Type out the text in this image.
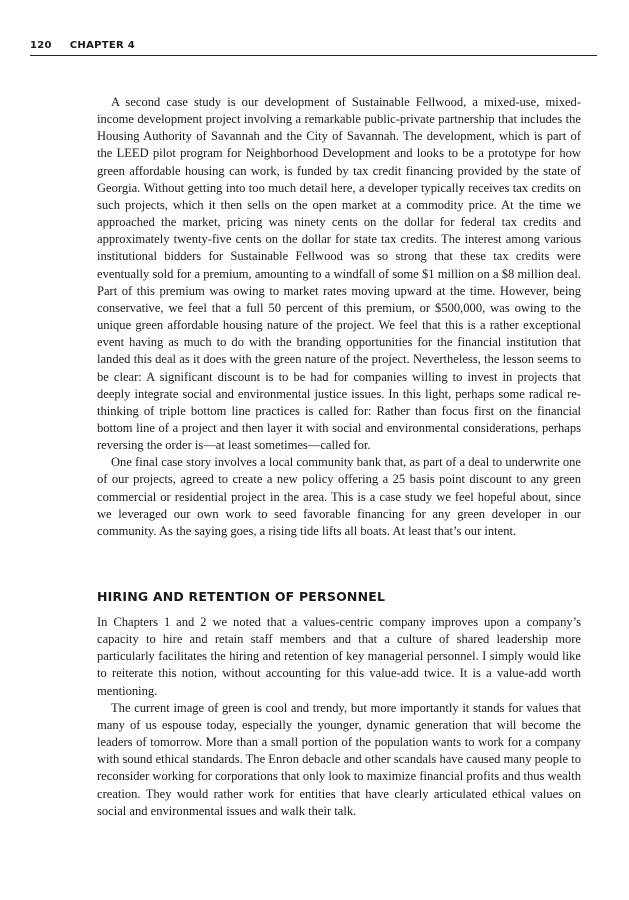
120 CHAPTER 4

A second case study is our development of Sustainable Fellwood, a mixed-use, mixed-income development project involving a remarkable public-private partnership that includes the Housing Authority of Savannah and the City of Savannah. The development, which is part of the LEED pilot program for Neighborhood Development and looks to be a prototype for how green affordable housing can work, is funded by tax credit financing provided by the state of Georgia. Without getting into too much detail here, a developer typically receives tax credits on such projects, which it then sells on the open market at a commodity price. At the time we approached the market, pricing was ninety cents on the dollar for federal tax credits and approximately twenty-five cents on the dollar for state tax credits. The interest among various institutional bidders for Sustainable Fellwood was so strong that these tax credits were eventually sold for a premium, amounting to a windfall of some $1 million on a $8 million deal. Part of this premium was owing to market rates moving upward at the time. However, being conservative, we feel that a full 50 percent of this premium, or $500,000, was owing to the unique green affordable housing nature of the project. We feel that this is a rather exceptional event having as much to do with the branding opportunities for the financial institution that landed this deal as it does with the green nature of the project. Nevertheless, the lesson seems to be clear: A significant discount is to be had for companies willing to invest in projects that deeply integrate social and environmental justice issues. In this light, perhaps some radical re-thinking of triple bottom line practices is called for: Rather than focus first on the financial bottom line of a project and then layer it with social and environmental considerations, perhaps reversing the order is—at least sometimes—called for.

One final case story involves a local community bank that, as part of a deal to underwrite one of our projects, agreed to create a new policy offering a 25 basis point discount to any green commercial or residential project in the area. This is a case study we feel hopeful about, since we leveraged our own work to seed favorable financing for any green developer in our community. As the saying goes, a rising tide lifts all boats. At least that’s our intent.

HIRING AND RETENTION OF PERSONNEL

In Chapters 1 and 2 we noted that a values-centric company improves upon a company’s capacity to hire and retain staff members and that a culture of shared leadership more particularly facilitates the hiring and retention of key managerial personnel. I simply would like to reiterate this notion, without accounting for this value-add twice. It is a value-add worth mentioning.

The current image of green is cool and trendy, but more importantly it stands for values that many of us espouse today, especially the younger, dynamic generation that will become the leaders of tomorrow. More than a small portion of the population wants to work for a company with sound ethical standards. The Enron debacle and other scandals have caused many people to reconsider working for corporations that only look to maximize financial profits and thus wealth creation. They would rather work for entities that have clearly articulated ethical values on social and environmental issues and walk their talk.
